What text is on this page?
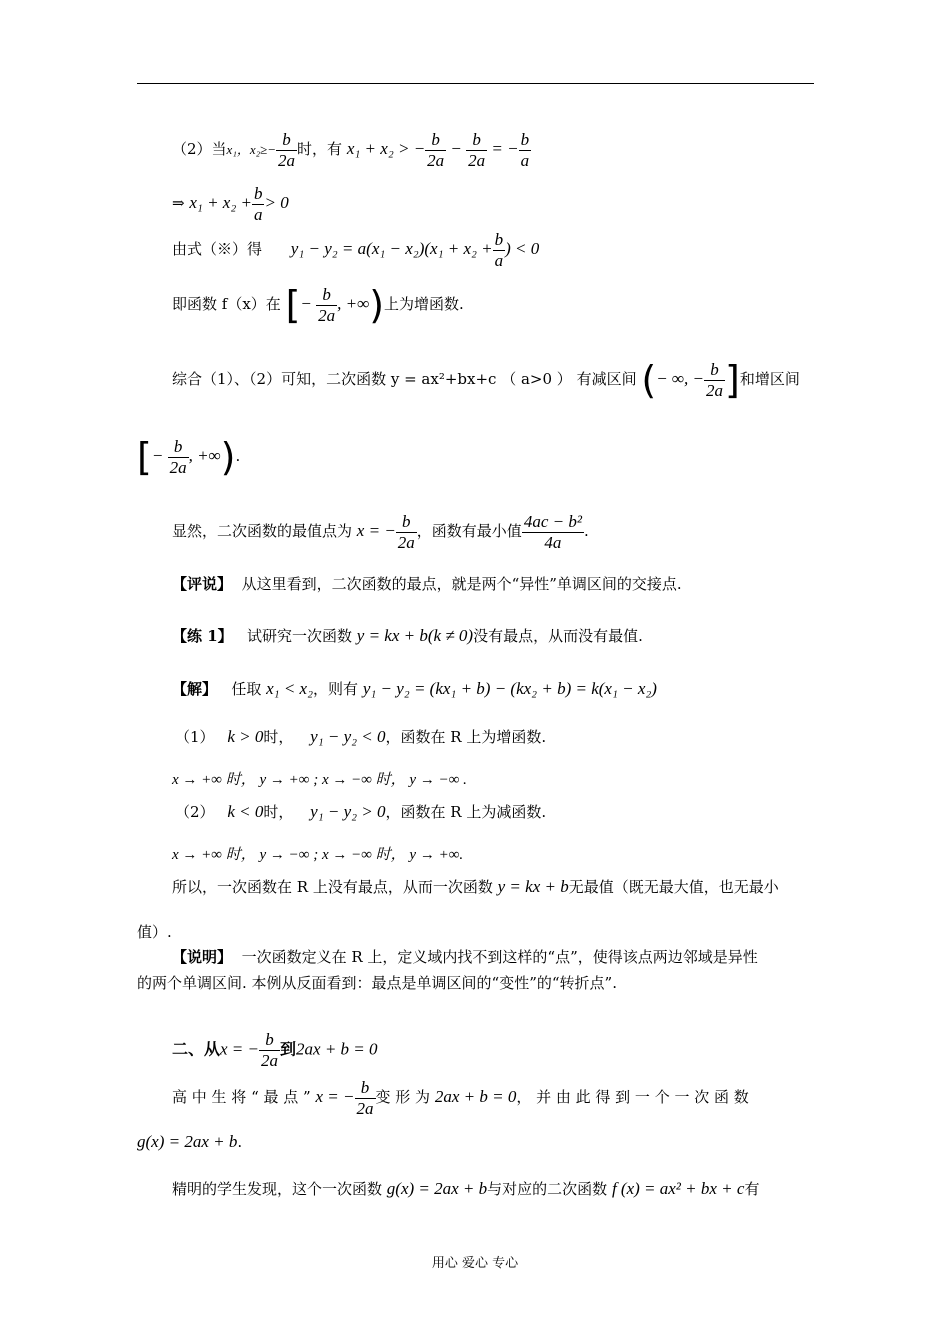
（2）当x₁，$x_2\ge- \frac{b}{2a}$ 时，有 x₁ + x₂ > − $\frac{b}{2a} - \frac{b}{2a}$ = − $\frac{b}{a}$
⇒ $x_1 + x_2 + \frac{b}{a} > 0$
由式（※）得 $y_1 - y_2 = a(x_1 - x_2)(x_1 + x_2 + \frac{b}{a}$ ) < 0
即函数 f（x）在 [− $\frac{b}{2a}$ , +∞)上为增函数.
综合（1）、（2）可知，二次函数 y = ax²+bx+c （ a>0 ） 有减区间 (− ∞, − $\frac{b}{2a}$ ]和增区间
[− $\frac{b}{2a}$ , +∞).
显然，二次函数的最值点为 x = − $\frac{b}{2a}$ ，函数有最小值 $\frac{\text{4ac − b²}}{4a}$ .
【评说】 从这里看到，二次函数的最点，就是两个“异性”单调区间的交接点.
【练 1】 试研究一次函数 y = kx + b(k ≠ 0)没有最点，从而没有最值.
【解】 任取 x₁ < x₂，则有 y₁ − y₂ = (kx₁ + b) − (kx₂ + b) = k(x₁ − x₂)
（1） k > 0时， y₁ − y₂ < 0，函数在 R 上为增函数.
x → +∞ 时， y → +∞ ; x → −∞ 时， y → −∞ .
（2） k < 0时， y₁ − y₂ > 0，函数在 R 上为减函数.
x → +∞ 时， y → −∞ ; x → −∞ 时， y → +∞.
所以，一次函数在 R 上没有最点，从而一次函数 y = kx + b无最值（既无最大值，也无最小
值）.
【说明】 一次函数定义在 R 上，定义域内找不到这样的“点”，使得该点两边邻域是异性
的两个单调区间. 本例从反面看到：最点是单调区间的“变性”的“转折点”.
二、从x = − $\frac{b}{2a}$ 到2ax + b = 0
高 中 生 将 “ 最 点 ” x = − $\frac{b}{2a}$ 变 形 为 2ax + b = 0， 并 由 此 得 到 一 个 一 次 函 数
g(x) = 2ax + b.
精明的学生发现，这个一次函数 g(x) = 2ax + b与对应的二次函数 f (x) = ax² + bx + c有
用心 爱心 专心
